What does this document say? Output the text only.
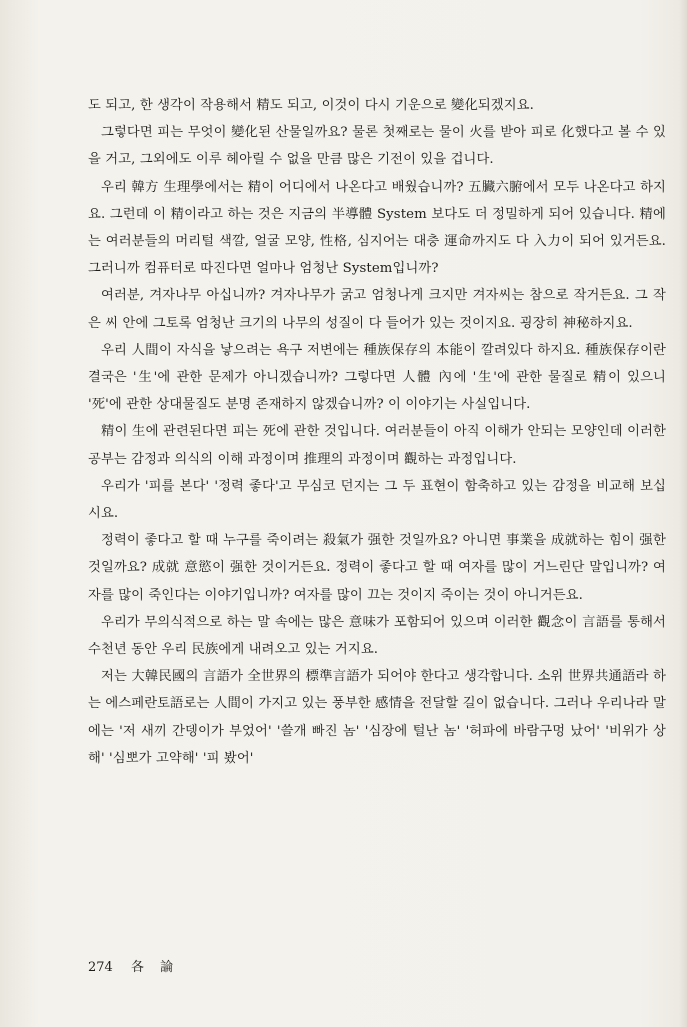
도 되고, 한 생각이 작용해서 精도 되고, 이것이 다시 기운으로 變化되겠지요.

그렇다면 피는 무엇이 變化된 산물일까요? 물론 첫째로는 물이 火를 받아 피로 化했다고 볼 수 있을 거고, 그외에도 이루 헤아릴 수 없을 만큼 많은 기전이 있을 겁니다.

우리 韓方 生理學에서는 精이 어디에서 나온다고 배웠습니까? 五臟六腑에서 모두 나온다고 하지요. 그런데 이 精이라고 하는 것은 지금의 半導體 System 보다도 더 정밀하게 되어 있습니다. 精에는 여러분들의 머리털 색깔, 얼굴 모양, 性格, 심지어는 대충 運命까지도 다 入力이 되어 있거든요. 그러니까 컴퓨터로 따진다면 얼마나 엄청난 System입니까?

여러분, 겨자나무 아십니까? 겨자나무가 굵고 엄청나게 크지만 겨자씨는 참으로 작거든요. 그 작은 씨 안에 그토록 엄청난 크기의 나무의 성질이 다 들어가 있는 것이지요. 굉장히 神秘하지요.

우리 人間이 자식을 낳으려는 욕구 저변에는 種族保存의 本能이 깔려있다 하지요. 種族保存이란 결국은 '生'에 관한 문제가 아니겠습니까? 그렇다면 人體 內에 '生'에 관한 물질로 精이 있으니 '死'에 관한 상대물질도 분명 존재하지 않겠습니까? 이 이야기는 사실입니다.

精이 生에 관련된다면 피는 死에 관한 것입니다. 여러분들이 아직 이해가 안되는 모양인데 이러한 공부는 감정과 의식의 이해 과정이며 推理의 과정이며 觀하는 과정입니다.

우리가 '피를 본다' '정력 좋다'고 무심코 던지는 그 두 표현이 함축하고 있는 감정을 비교해 보십시요.

정력이 좋다고 할 때 누구를 죽이려는 殺氣가 强한 것일까요? 아니면 事業을 成就하는 힘이 强한 것일까요? 成就 意慾이 强한 것이거든요. 정력이 좋다고 할 때 여자를 많이 거느린단 말입니까? 여자를 많이 죽인다는 이야기입니까? 여자를 많이 끄는 것이지 죽이는 것이 아니거든요.

우리가 무의식적으로 하는 말 속에는 많은 意味가 포함되어 있으며 이러한 觀念이 言語를 통해서 수천년 동안 우리 民族에게 내려오고 있는 거지요.

저는 大韓民國의 言語가 全世界의 標準言語가 되어야 한다고 생각합니다. 소위 世界共通語라 하는 에스페란토語로는 人間이 가지고 있는 풍부한 感情을 전달할 길이 없습니다. 그러나 우리나라 말에는 '저 새끼 간뎅이가 부었어' '쓸개 빠진 놈' '심장에 털난 놈' '허파에 바람구멍 났어' '비위가 상해' '심뽀가 고약해' '피 봤어'

274 各 論
